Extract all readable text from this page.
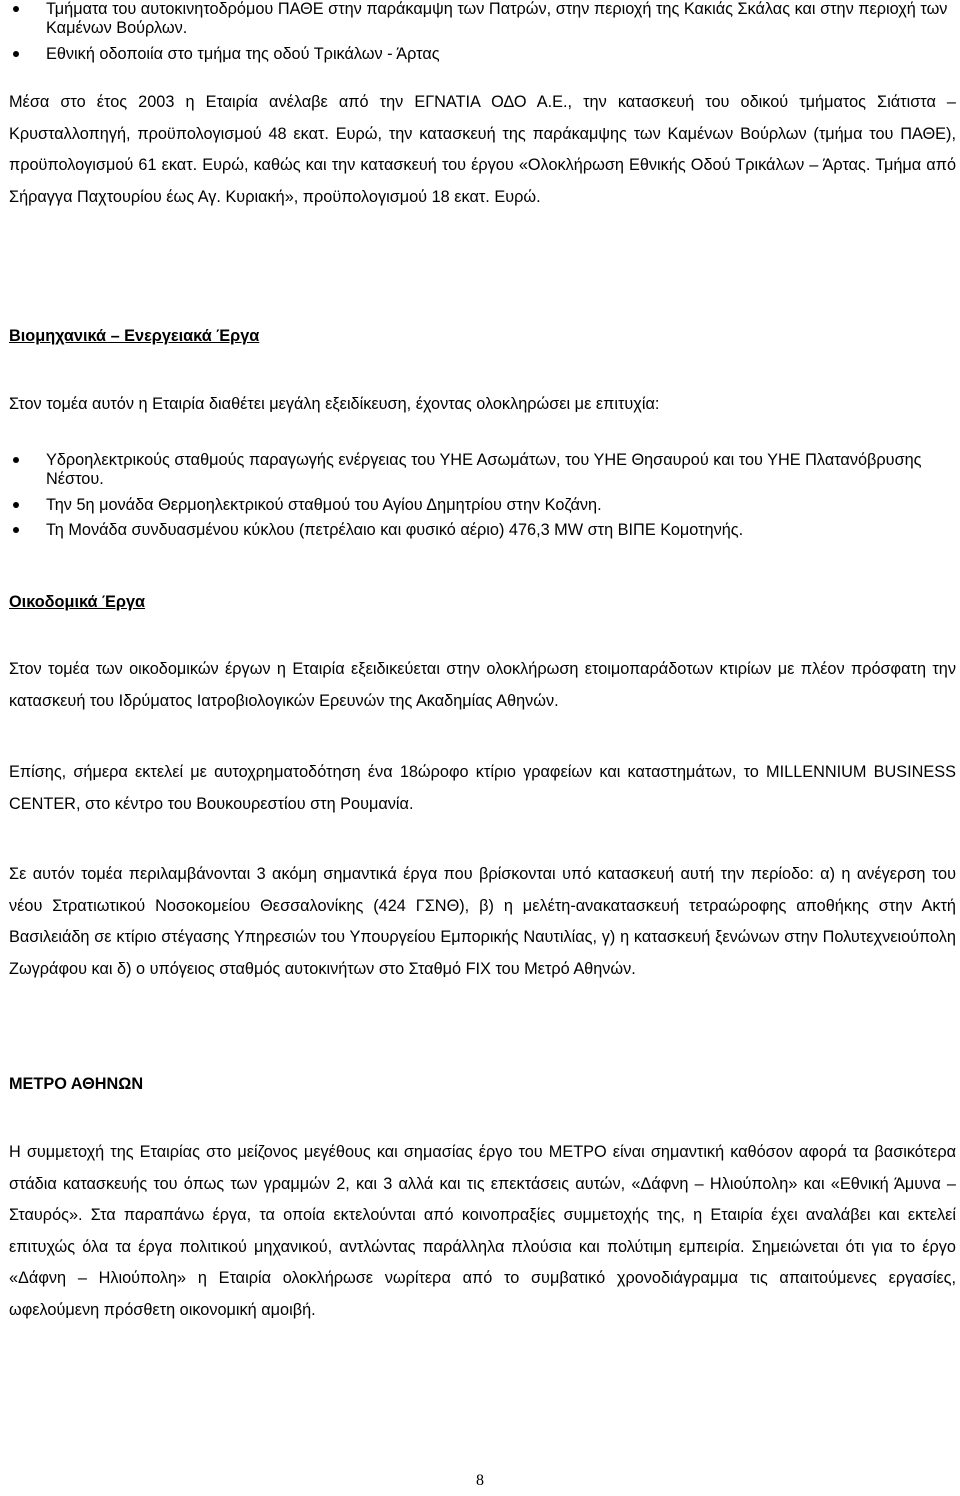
Τμήματα του αυτοκινητοδρόμου ΠΑΘΕ στην παράκαμψη των Πατρών, στην περιοχή της Κακιάς Σκάλας και στην περιοχή των Καμένων Βούρλων.
Εθνική οδοποιία στο τμήμα της οδού Τρικάλων - Άρτας

Μέσα στο έτος 2003 η Εταιρία ανέλαβε από την ΕΓΝΑΤΙΑ ΟΔΟ Α.Ε., την κατασκευή του οδικού τμήματος Σιάτιστα – Κρυσταλλοπηγή, προϋπολογισμού 48 εκατ. Ευρώ, την κατασκευή της παράκαμψης των Καμένων Βούρλων (τμήμα του ΠΑΘΕ), προϋπολογισμού 61 εκατ. Ευρώ, καθώς και την κατασκευή του έργου «Ολοκλήρωση Εθνικής Οδού Τρικάλων – Άρτας. Τμήμα από Σήραγγα Παχτουρίου έως Αγ. Κυριακή», προϋπολογισμού 18 εκατ. Ευρώ.

Βιομηχανικά – Ενεργειακά Έργα

Στον τομέα αυτόν η Εταιρία διαθέτει μεγάλη εξειδίκευση, έχοντας ολοκληρώσει με επιτυχία:

Υδροηλεκτρικούς σταθμούς παραγωγής ενέργειας του ΥΗΕ Ασωμάτων, του ΥΗΕ Θησαυρού και του ΥΗΕ Πλατανόβρυσης Νέστου.
Την 5η μονάδα Θερμοηλεκτρικού σταθμού του Αγίου Δημητρίου στην Κοζάνη.
Τη Μονάδα συνδυασμένου κύκλου (πετρέλαιο και φυσικό αέριο) 476,3 MW στη ΒΙΠΕ Κομοτηνής.

Οικοδομικά Έργα

Στον τομέα των οικοδομικών έργων η Εταιρία εξειδικεύεται στην ολοκλήρωση ετοιμοπαράδοτων κτιρίων με πλέον πρόσφατη την κατασκευή του Ιδρύματος Ιατροβιολογικών Ερευνών της Ακαδημίας Αθηνών.

Επίσης, σήμερα εκτελεί με αυτοχρηματοδότηση ένα 18ώροφο κτίριο γραφείων και καταστημάτων, το MILLENNIUM BUSINESS CENTER, στο κέντρο του Βουκουρεστίου στη Ρουμανία.

Σε αυτόν τομέα περιλαμβάνονται 3 ακόμη σημαντικά έργα που βρίσκονται υπό κατασκευή αυτή την περίοδο: α) η ανέγερση του νέου Στρατιωτικού Νοσοκομείου Θεσσαλονίκης (424 ΓΣΝΘ), β) η μελέτη-ανακατασκευή τετραώροφης αποθήκης στην Ακτή Βασιλειάδη σε κτίριο στέγασης Υπηρεσιών του Υπουργείου Εμπορικής Ναυτιλίας, γ) η κατασκευή ξενώνων στην Πολυτεχνειούπολη Ζωγράφου και δ) ο υπόγειος σταθμός αυτοκινήτων στο Σταθμό FIX του Μετρό Αθηνών.

ΜΕΤΡΟ ΑΘΗΝΩΝ

Η συμμετοχή της Εταιρίας στο μείζονος μεγέθους και σημασίας έργο του ΜΕΤΡΟ είναι σημαντική καθόσον αφορά τα βασικότερα στάδια κατασκευής του όπως των γραμμών 2, και 3 αλλά και τις επεκτάσεις αυτών, «Δάφνη – Ηλιούπολη» και «Εθνική Άμυνα – Σταυρός». Στα παραπάνω έργα, τα οποία εκτελούνται από κοινοπραξίες συμμετοχής της, η Εταιρία έχει αναλάβει και εκτελεί επιτυχώς όλα τα έργα πολιτικού μηχανικού, αντλώντας παράλληλα πλούσια και πολύτιμη εμπειρία. Σημειώνεται ότι για το έργο «Δάφνη – Ηλιούπολη» η Εταιρία ολοκλήρωσε νωρίτερα από το συμβατικό χρονοδιάγραμμα τις απαιτούμενες εργασίες, ωφελούμενη πρόσθετη οικονομική αμοιβή.

8
